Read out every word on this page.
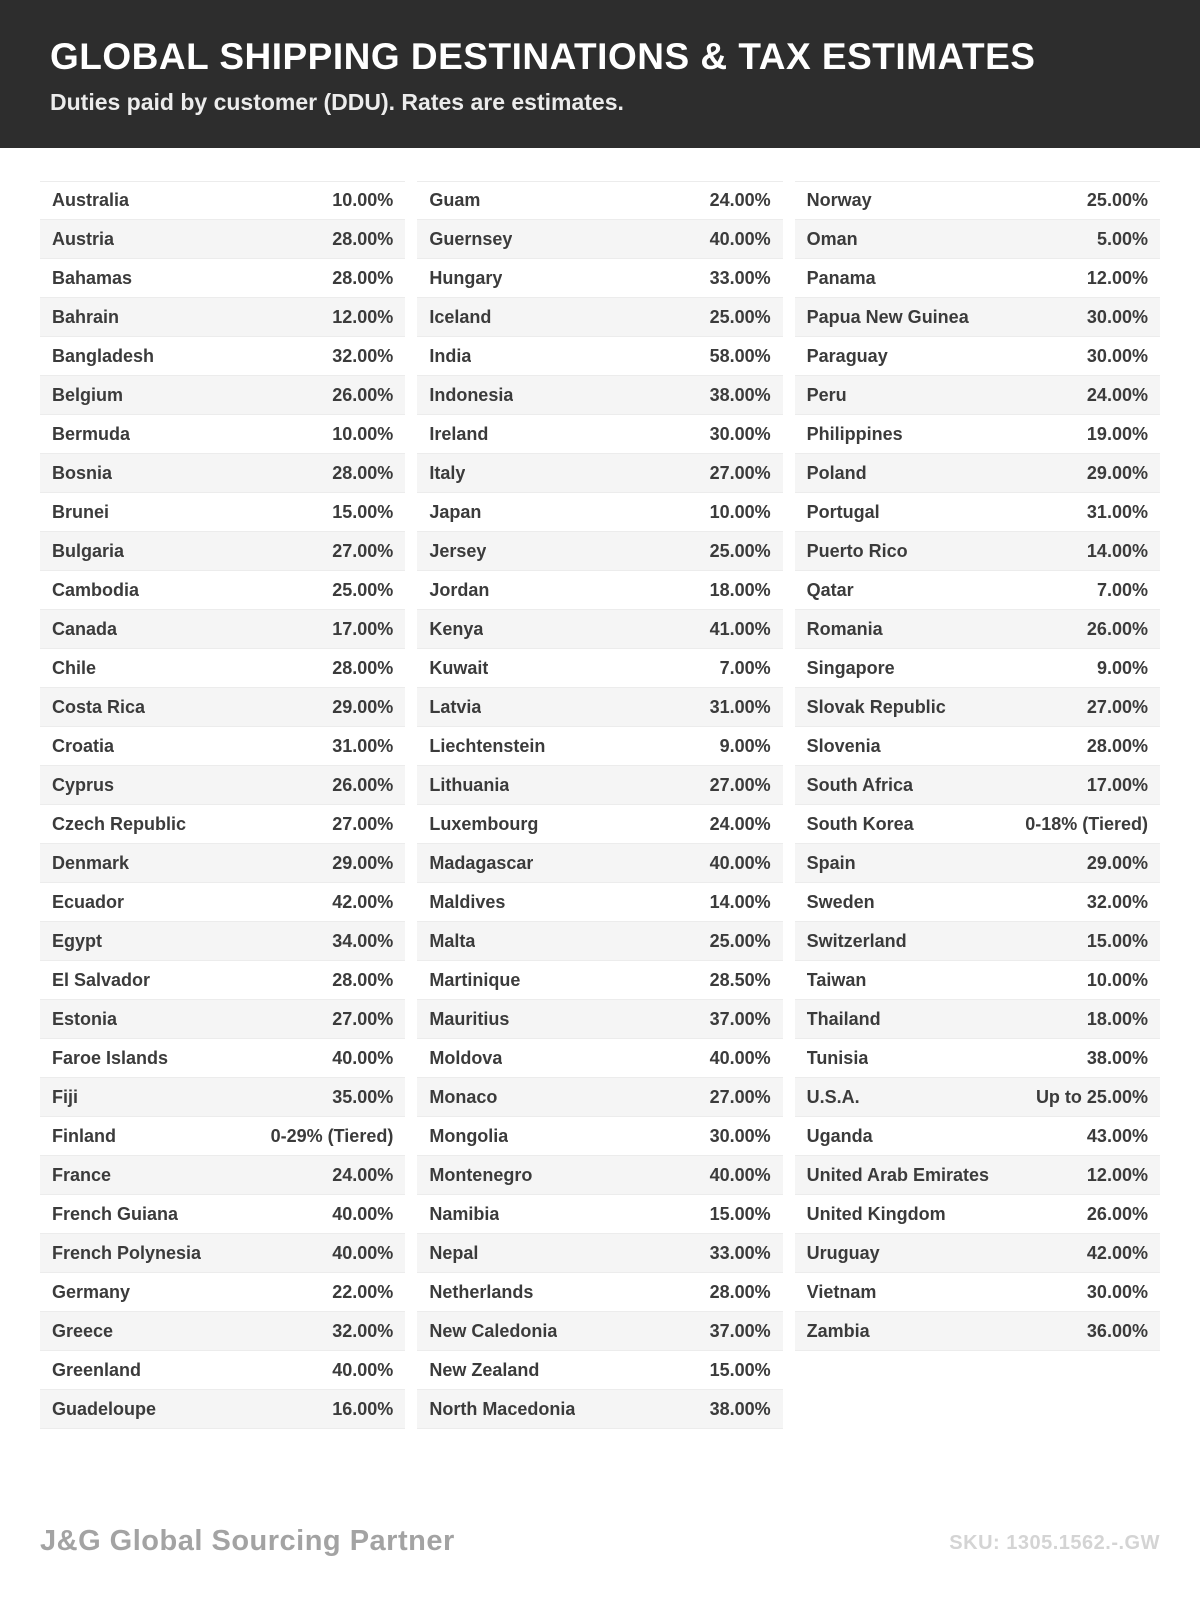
GLOBAL SHIPPING DESTINATIONS & TAX ESTIMATES

Duties paid by customer (DDU). Rates are estimates.

Australia	10.00%
Austria	28.00%
Bahamas	28.00%
Bahrain	12.00%
Bangladesh	32.00%
Belgium	26.00%
Bermuda	10.00%
Bosnia	28.00%
Brunei	15.00%
Bulgaria	27.00%
Cambodia	25.00%
Canada	17.00%
Chile	28.00%
Costa Rica	29.00%
Croatia	31.00%
Cyprus	26.00%
Czech Republic	27.00%
Denmark	29.00%
Ecuador	42.00%
Egypt	34.00%
El Salvador	28.00%
Estonia	27.00%
Faroe Islands	40.00%
Fiji	35.00%
Finland	0-29% (Tiered)
France	24.00%
French Guiana	40.00%
French Polynesia	40.00%
Germany	22.00%
Greece	32.00%
Greenland	40.00%
Guadeloupe	16.00%
Guam	24.00%
Guernsey	40.00%
Hungary	33.00%
Iceland	25.00%
India	58.00%
Indonesia	38.00%
Ireland	30.00%
Italy	27.00%
Japan	10.00%
Jersey	25.00%
Jordan	18.00%
Kenya	41.00%
Kuwait	7.00%
Latvia	31.00%
Liechtenstein	9.00%
Lithuania	27.00%
Luxembourg	24.00%
Madagascar	40.00%
Maldives	14.00%
Malta	25.00%
Martinique	28.50%
Mauritius	37.00%
Moldova	40.00%
Monaco	27.00%
Mongolia	30.00%
Montenegro	40.00%
Namibia	15.00%
Nepal	33.00%
Netherlands	28.00%
New Caledonia	37.00%
New Zealand	15.00%
North Macedonia	38.00%
Norway	25.00%
Oman	5.00%
Panama	12.00%
Papua New Guinea	30.00%
Paraguay	30.00%
Peru	24.00%
Philippines	19.00%
Poland	29.00%
Portugal	31.00%
Puerto Rico	14.00%
Qatar	7.00%
Romania	26.00%
Singapore	9.00%
Slovak Republic	27.00%
Slovenia	28.00%
South Africa	17.00%
South Korea	0-18% (Tiered)
Spain	29.00%
Sweden	32.00%
Switzerland	15.00%
Taiwan	10.00%
Thailand	18.00%
Tunisia	38.00%
U.S.A.	Up to 25.00%
Uganda	43.00%
United Arab Emirates	12.00%
United Kingdom	26.00%
Uruguay	42.00%
Vietnam	30.00%
Zambia	36.00%
J&G Global Sourcing Partner	SKU: 1305.1562.-.GW
